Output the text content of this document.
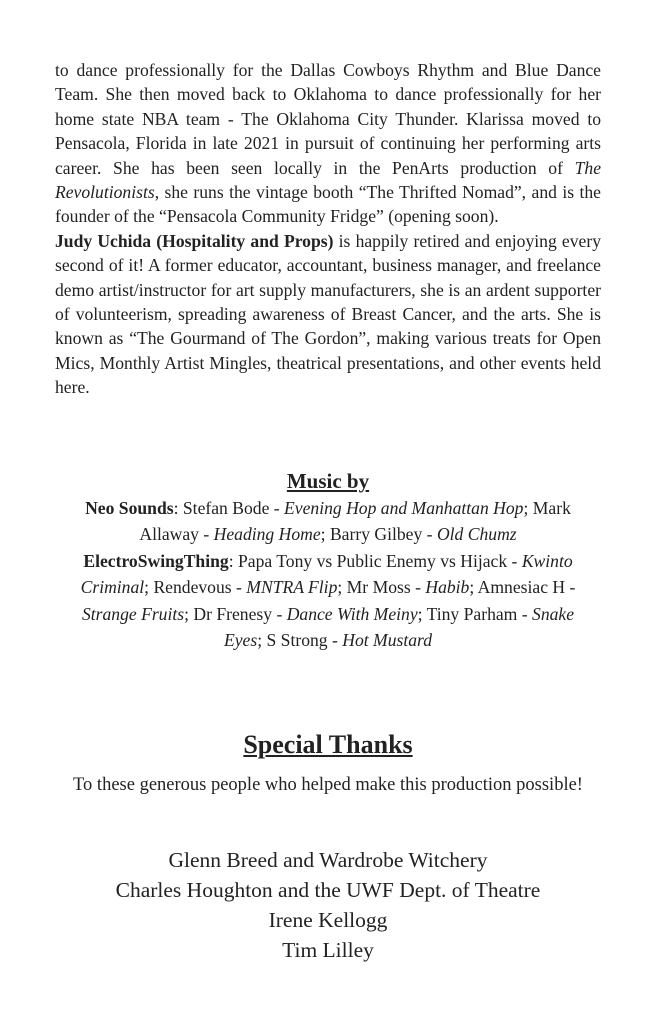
to dance professionally for the Dallas Cowboys Rhythm and Blue Dance Team. She then moved back to Oklahoma to dance professionally for her home state NBA team - The Oklahoma City Thunder. Klarissa moved to Pensacola, Florida in late 2021 in pursuit of continuing her performing arts career. She has been seen locally in the PenArts production of The Revolutionists, she runs the vintage booth “The Thrifted Nomad”, and is the founder of the “Pensacola Community Fridge” (opening soon).

Judy Uchida (Hospitality and Props) is happily retired and enjoying every second of it! A former educator, accountant, business manager, and freelance demo artist/instructor for art supply manufacturers, she is an ardent supporter of volunteerism, spreading awareness of Breast Cancer, and the arts. She is known as “The Gourmand of The Gordon”, making various treats for Open Mics, Monthly Artist Mingles, theatrical presentations, and other events held here.

Music by

Neo Sounds: Stefan Bode - Evening Hop and Manhattan Hop; Mark Allaway - Heading Home; Barry Gilbey - Old Chumz

ElectroSwingThing: Papa Tony vs Public Enemy vs Hijack - Kwinto Criminal; Rendevous - MNTRA Flip; Mr Moss - Habib; Amnesiac H - Strange Fruits; Dr Frenesy - Dance With Meiny; Tiny Parham - Snake Eyes; S Strong - Hot Mustard

Special Thanks
To these generous people who helped make this production possible!
Glenn Breed and Wardrobe Witchery
Charles Houghton and the UWF Dept. of Theatre
Irene Kellogg
Tim Lilley
